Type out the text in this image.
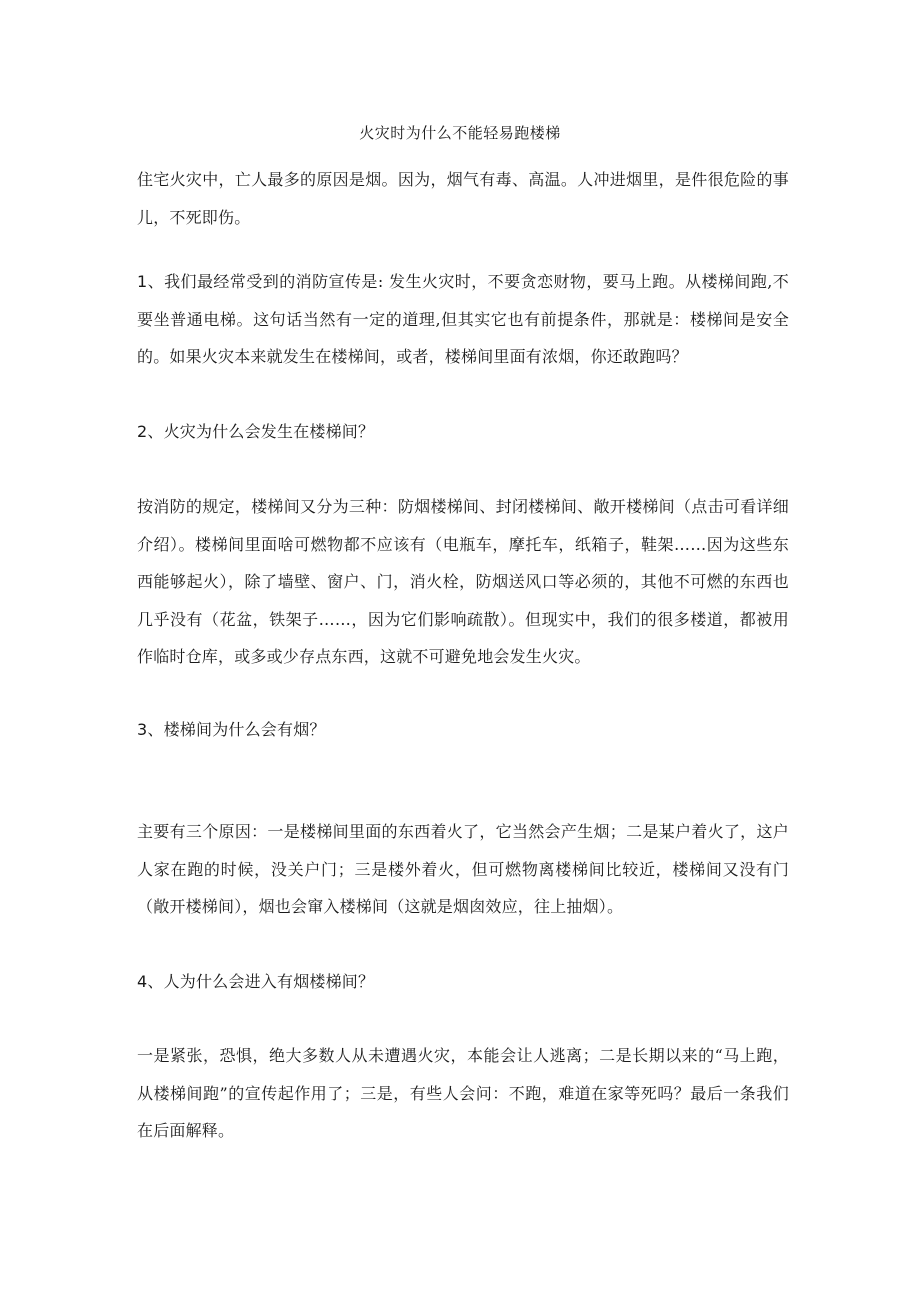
火灾时为什么不能轻易跑楼梯

住宅火灾中，亡人最多的原因是烟。因为，烟气有毒、高温。人冲进烟里，是件很危险的事儿，不死即伤。

1、我们最经常受到的消防宣传是: 发生火灾时，不要贪恋财物，要马上跑。从楼梯间跑,不要坐普通电梯。这句话当然有一定的道理,但其实它也有前提条件，那就是：楼梯间是安全的。如果火灾本来就发生在楼梯间，或者，楼梯间里面有浓烟，你还敢跑吗？

2、火灾为什么会发生在楼梯间？

按消防的规定，楼梯间又分为三种：防烟楼梯间、封闭楼梯间、敞开楼梯间（点击可看详细介绍）。楼梯间里面啥可燃物都不应该有（电瓶车，摩托车，纸箱子，鞋架……因为这些东西能够起火），除了墙壁、窗户、门，消火栓，防烟送风口等必须的，其他不可燃的东西也几乎没有（花盆，铁架子……，因为它们影响疏散）。但现实中，我们的很多楼道，都被用作临时仓库，或多或少存点东西，这就不可避免地会发生火灾。

3、楼梯间为什么会有烟？

主要有三个原因：一是楼梯间里面的东西着火了，它当然会产生烟；二是某户着火了，这户人家在跑的时候，没关户门；三是楼外着火，但可燃物离楼梯间比较近，楼梯间又没有门（敞开楼梯间），烟也会窜入楼梯间（这就是烟囱效应，往上抽烟）。

4、人为什么会进入有烟楼梯间？

一是紧张，恐惧，绝大多数人从未遭遇火灾，本能会让人逃离；二是长期以来的“马上跑，从楼梯间跑”的宣传起作用了；三是，有些人会问：不跑，难道在家等死吗？最后一条我们在后面解释。
